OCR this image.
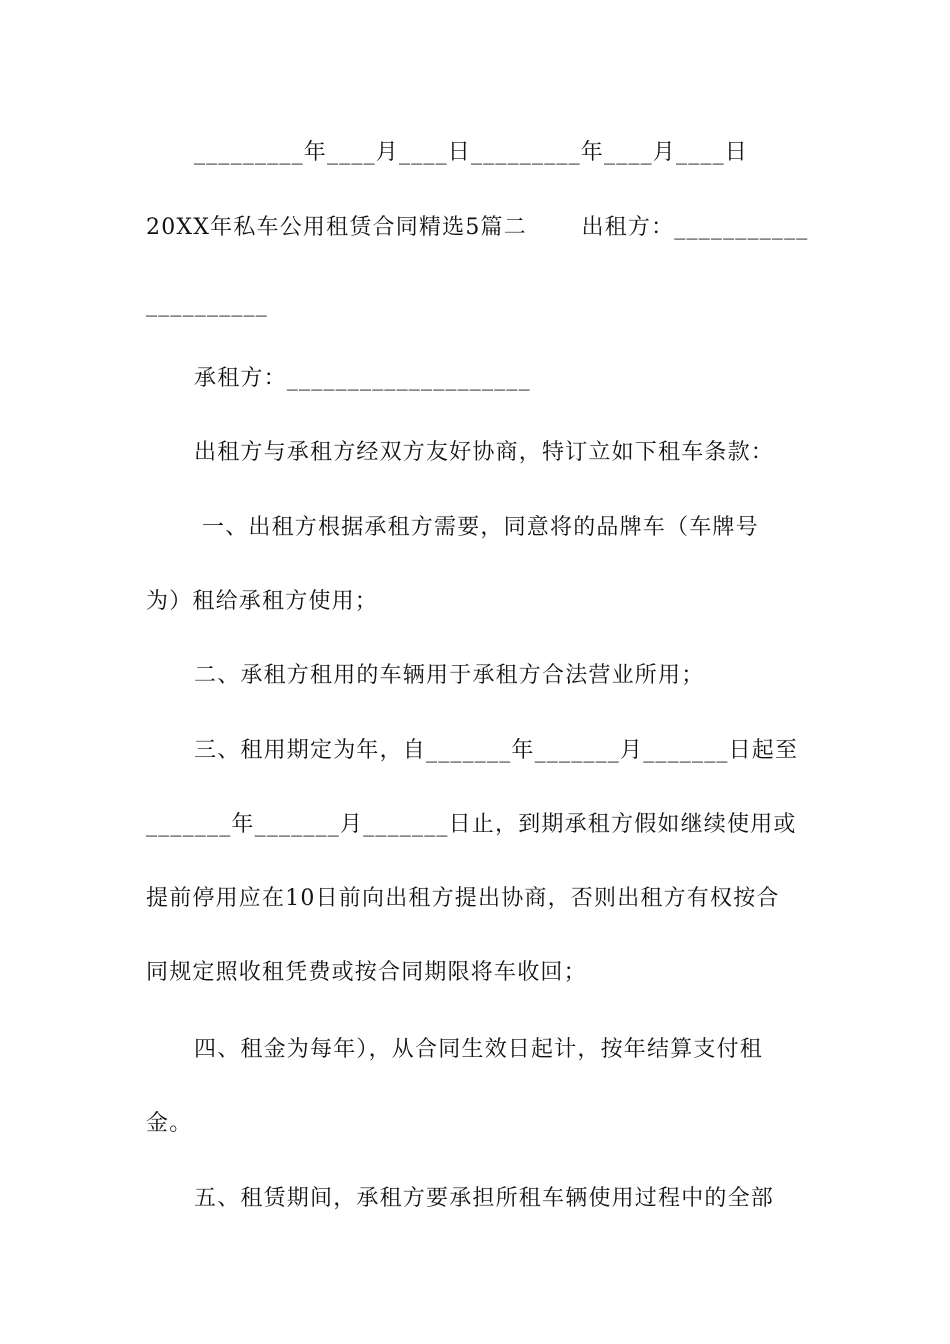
_________年____月____日_________年____月____日
20XX年私车公用租赁合同精选5篇二 　　出租方：___________
__________
承租方：____________________
出租方与承租方经双方友好协商，特订立如下租车条款：
一、出租方根据承租方需要，同意将的品牌车（车牌号
为）租给承租方使用；
二、承租方租用的车辆用于承租方合法营业所用；
三、租用期定为年，自_______年_______月_______日起至
_______年_______月_______日止，到期承租方假如继续使用或
提前停用应在10日前向出租方提出协商，否则出租方有权按合
同规定照收租凭费或按合同期限将车收回；
四、租金为每年），从合同生效日起计，按年结算支付租
金。
五、租赁期间，承租方要承担所租车辆使用过程中的全部
